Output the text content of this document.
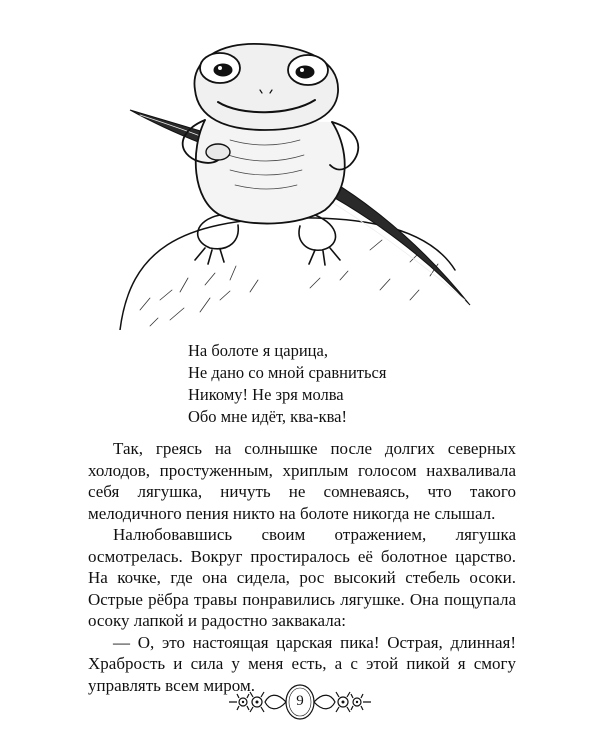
На болоте я царица,
Не дано со мной сравниться
Никому! Не зря молва
Обо мне идёт, ква-ква!

Так, греясь на солнышке после долгих северных холодов, простуженным, хриплым голосом нахваливала себя лягушка, ничуть не сомневаясь, что такого мелодичного пения никто на болоте никогда не слышал.

Налюбовавшись своим отражением, лягушка осмотрелась. Вокруг простиралось её болотное царство. На кочке, где она сидела, рос высокий стебель осоки. Острые рёбра травы понравились лягушке. Она пощупала осоку лапкой и радостно заквакала:

— О, это настоящая царская пика! Острая, длинная! Храбрость и сила у меня есть, а с этой пикой я смогу управлять всем миром.

9
